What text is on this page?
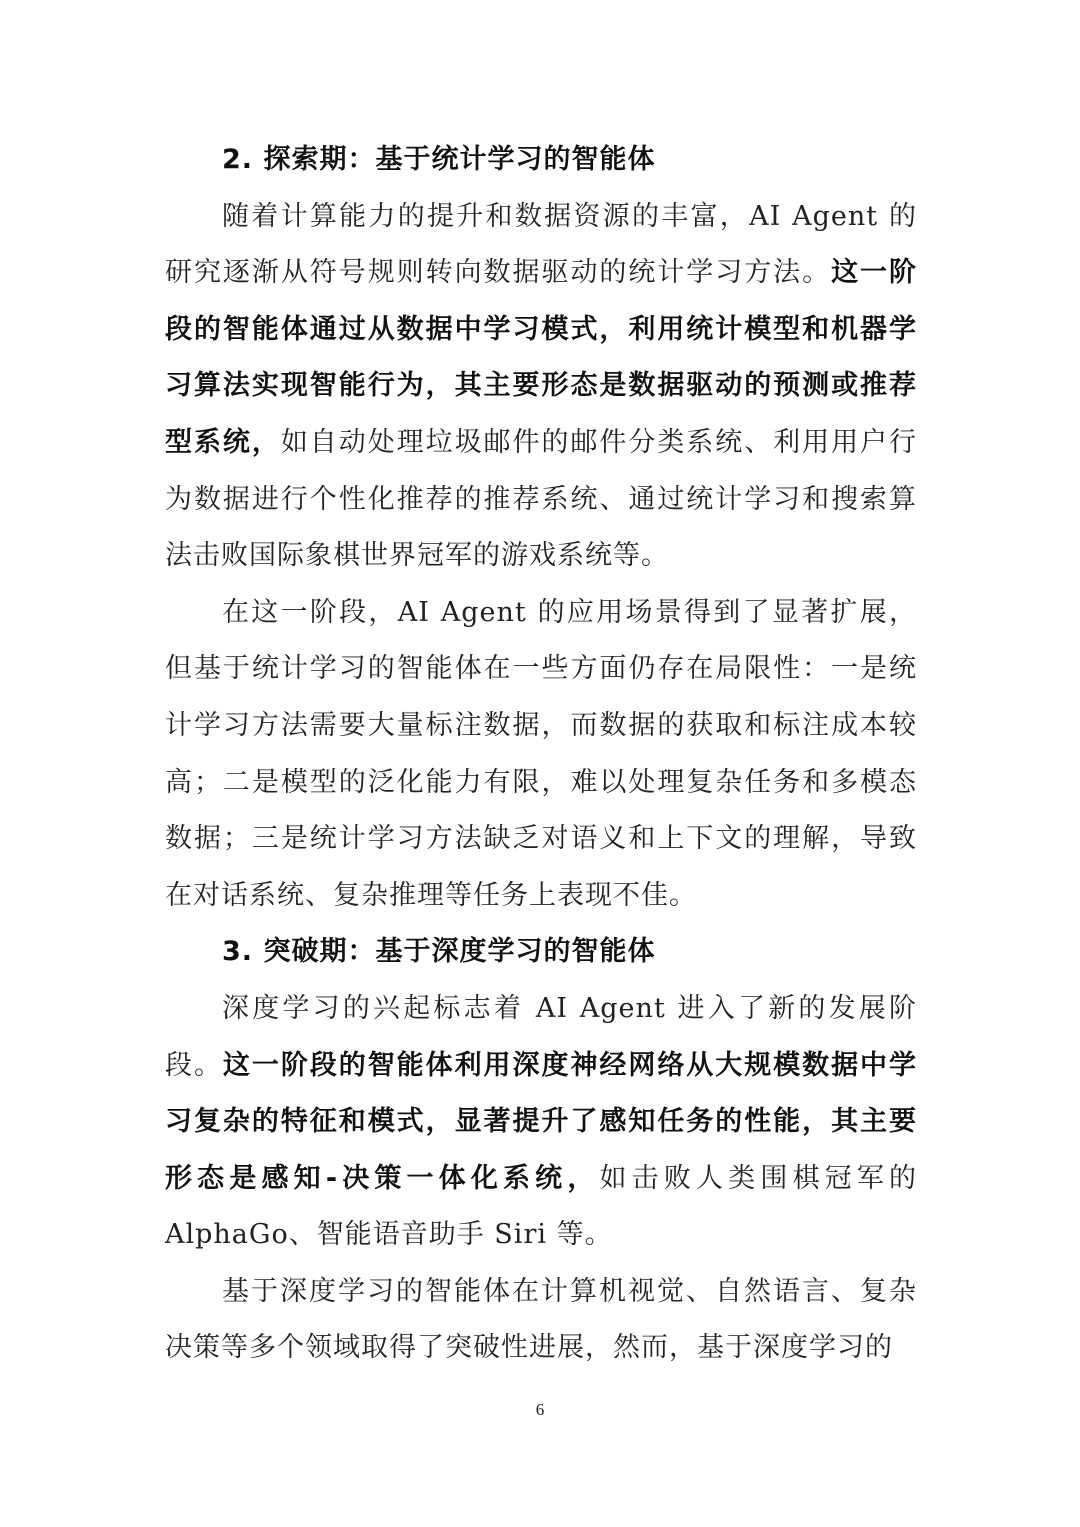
2. 探索期：基于统计学习的智能体

随着计算能力的提升和数据资源的丰富，AI Agent 的研究逐渐从符号规则转向数据驱动的统计学习方法。这一阶段的智能体通过从数据中学习模式，利用统计模型和机器学习算法实现智能行为，其主要形态是数据驱动的预测或推荐型系统，如自动处理垃圾邮件的邮件分类系统、利用用户行为数据进行个性化推荐的推荐系统、通过统计学习和搜索算法击败国际象棋世界冠军的游戏系统等。

在这一阶段，AI Agent 的应用场景得到了显著扩展，但基于统计学习的智能体在一些方面仍存在局限性：一是统计学习方法需要大量标注数据，而数据的获取和标注成本较高；二是模型的泛化能力有限，难以处理复杂任务和多模态数据；三是统计学习方法缺乏对语义和上下文的理解，导致在对话系统、复杂推理等任务上表现不佳。

3. 突破期：基于深度学习的智能体

深度学习的兴起标志着 AI Agent 进入了新的发展阶段。这一阶段的智能体利用深度神经网络从大规模数据中学习复杂的特征和模式，显著提升了感知任务的性能，其主要形态是感知-决策一体化系统，如击败人类围棋冠军的 AlphaGo、智能语音助手 Siri 等。

基于深度学习的智能体在计算机视觉、自然语言、复杂决策等多个领域取得了突破性进展，然而，基于深度学习的

6
